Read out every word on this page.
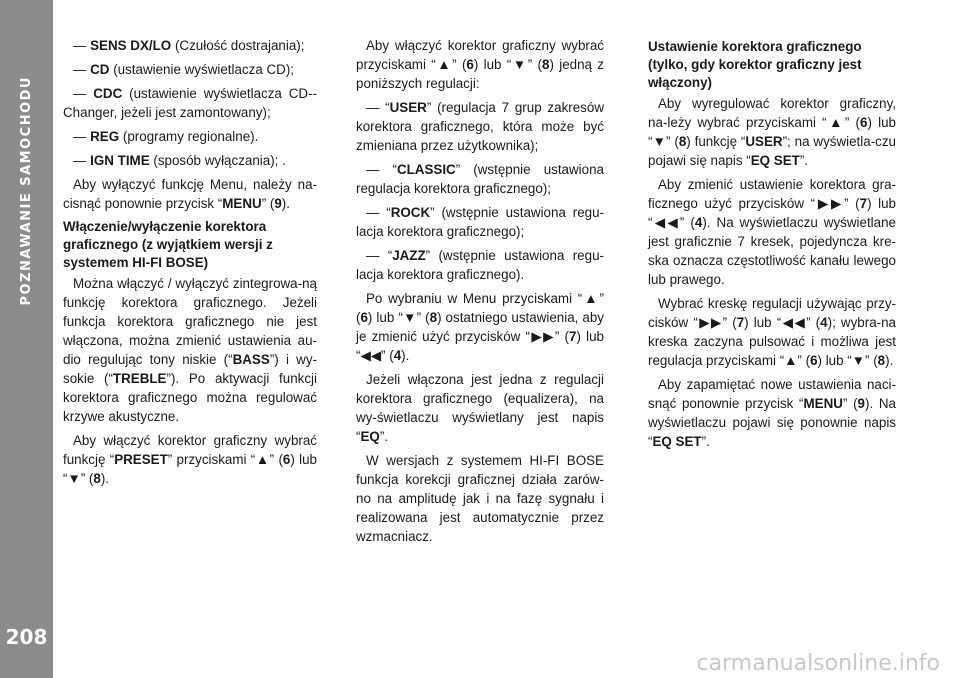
POZNAWANIE SAMOCHODU
208

— SENS DX/LO (Czułość dostrajania);

— CD (ustawienie wyświetlacza CD);

— CDC (ustawienie wyświetlacza CD--Changer, jeżeli jest zamontowany);

— REG (programy regionalne).

— IGN TIME (sposób wyłączania); .

Aby wyłączyć funkcję Menu, należy na-cisnąć ponownie przycisk “MENU” (9).

Włączenie/wyłączenie korektora graficznego (z wyjątkiem wersji z systemem HI-FI BOSE)

Można włączyć / wyłączyć zintegrowa-ną funkcję korektora graficznego. Jeżeli funkcja korektora graficznego nie jest włączona, można zmienić ustawienia au-dio regulując tony niskie (“BASS”) i wy-sokie (“TREBLE”). Po aktywacji funkcji korektora graficznego można regulować krzywe akustyczne.

Aby włączyć korektor graficzny wybrać funkcję “PRESET” przyciskami “▲” (6) lub “▼” (8).

Aby włączyć korektor graficzny wybrać przyciskami “▲” (6) lub “▼” (8) jedną z poniższych regulacji:

— “USER” (regulacja 7 grup zakresów korektora graficznego, która może być zmieniana przez użytkownika);

— “CLASSIC” (wstępnie ustawiona regulacja korektora graficznego);

— “ROCK” (wstępnie ustawiona regu-lacja korektora graficznego);

— “JAZZ” (wstępnie ustawiona regu-lacja korektora graficznego).

Po wybraniu w Menu przyciskami “▲” (6) lub “▼” (8) ostatniego ustawienia, aby je zmienić użyć przycisków “▶▶” (7) lub “◀◀” (4).

Jeżeli włączona jest jedna z regulacji korektora graficznego (equalizera), na wy-świetlaczu wyświetlany jest napis “EQ”.

W wersjach z systemem HI-FI BOSE funkcja korekcji graficznej działa zarów-no na amplitudę jak i na fazę sygnału i realizowana jest automatycznie przez wzmacniacz.

Ustawienie korektora graficznego (tylko, gdy korektor graficzny jest włączony)

Aby wyregulować korektor graficzny, na-leży wybrać przyciskami “▲” (6) lub “▼” (8) funkcję “USER”; na wyświetla-czu pojawi się napis “EQ SET”.

Aby zmienić ustawienie korektora gra-ficznego użyć przycisków “▶▶” (7) lub “◀◀” (4). Na wyświetlaczu wyświetlane jest graficznie 7 kresek, pojedyncza kre-ska oznacza częstotliwość kanału lewego lub prawego.

Wybrać kreskę regulacji używając przy-cisków “▶▶” (7) lub “◀◀” (4); wybra-na kreska zaczyna pulsować i możliwa jest regulacja przyciskami “▲” (6) lub “▼” (8).

Aby zapamiętać nowe ustawienia naci-snąć ponownie przycisk “MENU” (9). Na wyświetlaczu pojawi się ponownie napis “EQ SET”.

carmanualsonline.info
